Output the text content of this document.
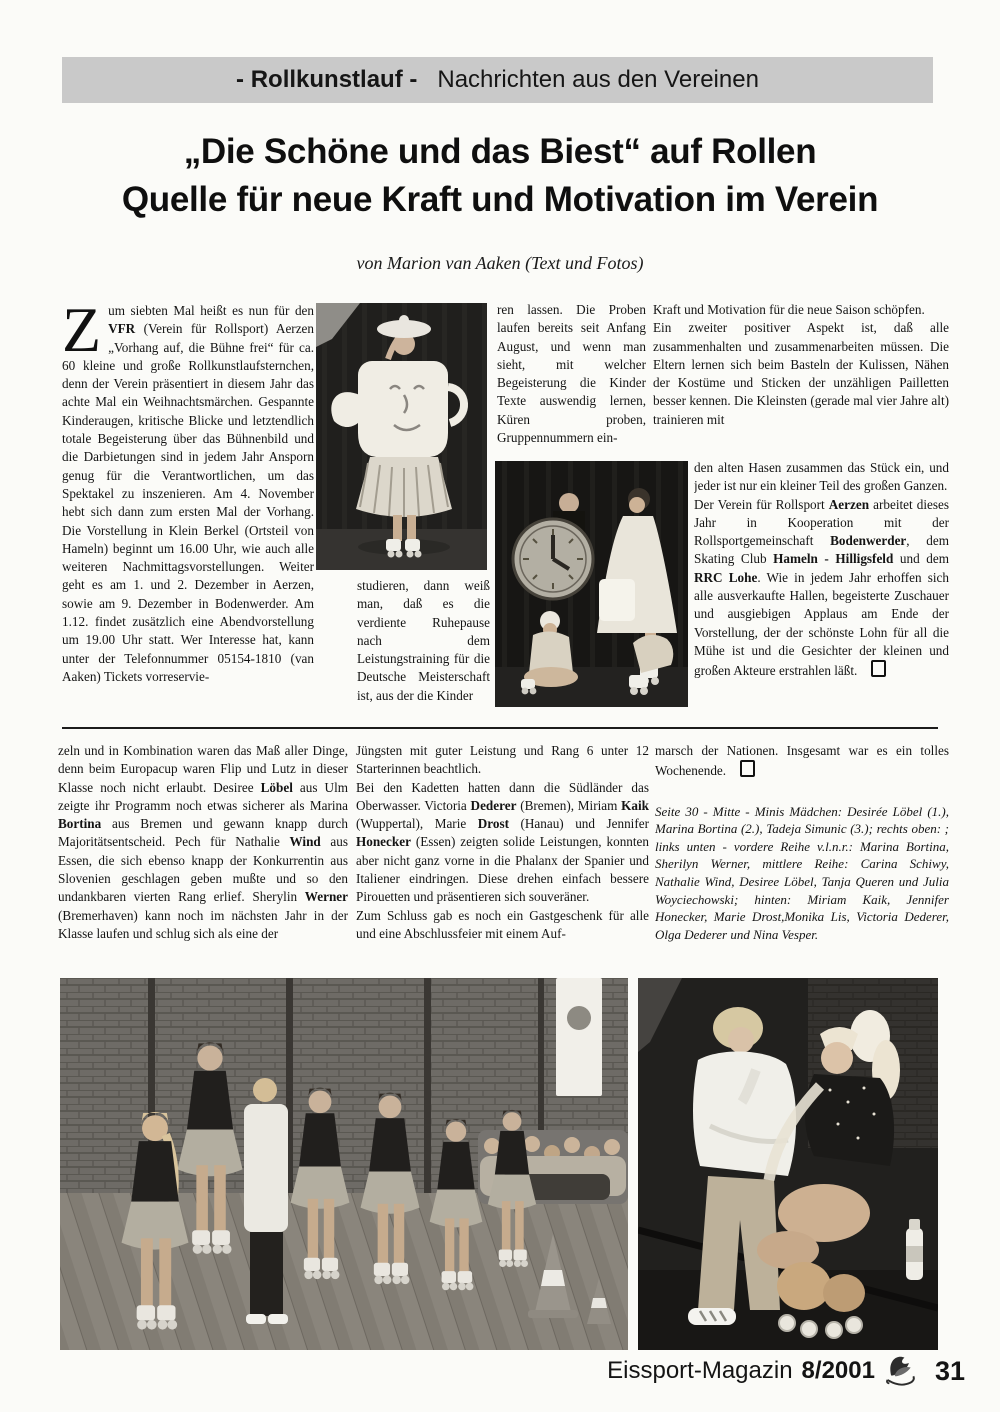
- Rollkunstlauf - Nachrichten aus den Vereinen
„Die Schöne und das Biest“ auf Rollen
Quelle für neue Kraft und Motivation im Verein
von Marion van Aaken (Text und Fotos)
Zum siebten Mal heißt es nun für den VFR (Verein für Rollsport) Aerzen „Vorhang auf, die Bühne frei“ für ca. 60 kleine und große Rollkunstlaufsternchen, denn der Verein präsentiert in diesem Jahr das achte Mal ein Weihnachtsmärchen. Gespannte Kinderaugen, kritische Blicke und letztendlich totale Begeisterung über das Bühnenbild und die Darbietungen sind in jedem Jahr Ansporn genug für die Verantwortlichen, um das Spektakel zu inszenieren. Am 4. November hebt sich dann zum ersten Mal der Vorhang. Die Vorstellung in Klein Berkel (Ortsteil von Hameln) beginnt um 16.00 Uhr, wie auch alle weiteren Nachmittagsvorstellungen. Weiter geht es am 1. und 2. Dezember in Aerzen, sowie am 9. Dezember in Bodenwerder. Am 1.12. findet zusätzlich eine Abendvorstellung um 19.00 Uhr statt. Wer Interesse hat, kann unter der Telefonnummer 05154-1810 (van Aaken) Tickets vorreservie-
ren lassen. Die Proben laufen bereits seit Anfang August, und wenn man sieht, mit welcher Begeisterung die Kinder Texte auswendig lernen, Küren proben, Gruppennummern ein-
studieren, dann weiß man, daß es die verdiente Ruhepause nach dem Leistungstraining für die Deutsche Meisterschaft ist, aus der die Kinder
Kraft und Motivation für die neue Saison schöpfen.
Ein zweiter positiver Aspekt ist, daß alle zusammenhalten und zusammenarbeiten müssen. Die Eltern lernen sich beim Basteln der Kulissen, Nähen der Kostüme und Sticken der unzähligen Pailletten besser kennen. Die Kleinsten (gerade mal vier Jahre alt) trainieren mit
den alten Hasen zusammen das Stück ein, und jeder ist nur ein kleiner Teil des großen Ganzen.
Der Verein für Rollsport Aerzen arbeitet dieses Jahr in Kooperation mit der Rollsportgemeinschaft Bodenwerder, dem Skating Club Hameln - Hilligsfeld und dem RRC Lohe. Wie in jedem Jahr erhoffen sich alle ausverkaufte Hallen, begeisterte Zuschauer und ausgiebigen Applaus am Ende der Vorstellung, der der schönste Lohn für all die Mühe ist und die Gesichter der kleinen und großen Akteure erstrahlen läßt.
zeln und in Kombination waren das Maß aller Dinge, denn beim Europacup waren Flip und Lutz in dieser Klasse noch nicht erlaubt. Desiree Löbel aus Ulm zeigte ihr Programm noch etwas sicherer als Marina Bortina aus Bremen und gewann knapp durch Majoritätsentscheid. Pech für Nathalie Wind aus Essen, die sich ebenso knapp der Konkurrentin aus Slovenien geschlagen geben mußte und so den undankbaren vierten Rang erlief. Sherylin Werner (Bremerhaven) kann noch im nächsten Jahr in der Klasse laufen und schlug sich als eine der
Jüngsten mit guter Leistung und Rang 6 unter 12 Starterinnen beachtlich.
Bei den Kadetten hatten dann die Südländer das Oberwasser. Victoria Dederer (Bremen), Miriam Kaik (Wuppertal), Marie Drost (Hanau) und Jennifer Honecker (Essen) zeigten solide Leistungen, konnten aber nicht ganz vorne in die Phalanx der Spanier und Italiener eindringen. Diese drehen einfach bessere Pirouetten und präsentieren sich souveräner.
Zum Schluss gab es noch ein Gastgeschenk für alle und eine Abschlussfeier mit einem Auf-
marsch der Nationen. Insgesamt war es ein tolles Wochenende.
Seite 30 - Mitte - Minis Mädchen: Desirée Löbel (1.), Marina Bortina (2.), Tadeja Simunic (3.); rechts oben: ; links unten - vordere Reihe v.l.n.r.: Marina Bortina, Sherilyn Werner, mittlere Reihe: Carina Schiwy, Nathalie Wind, Desiree Löbel, Tanja Queren und Julia Woyciechowski; hinten: Miriam Kaik, Jennifer Honecker, Marie Drost,Monika Lis, Victoria Dederer, Olga Dederer und Nina Vesper.
Eissport-Magazin 8/2001 31
